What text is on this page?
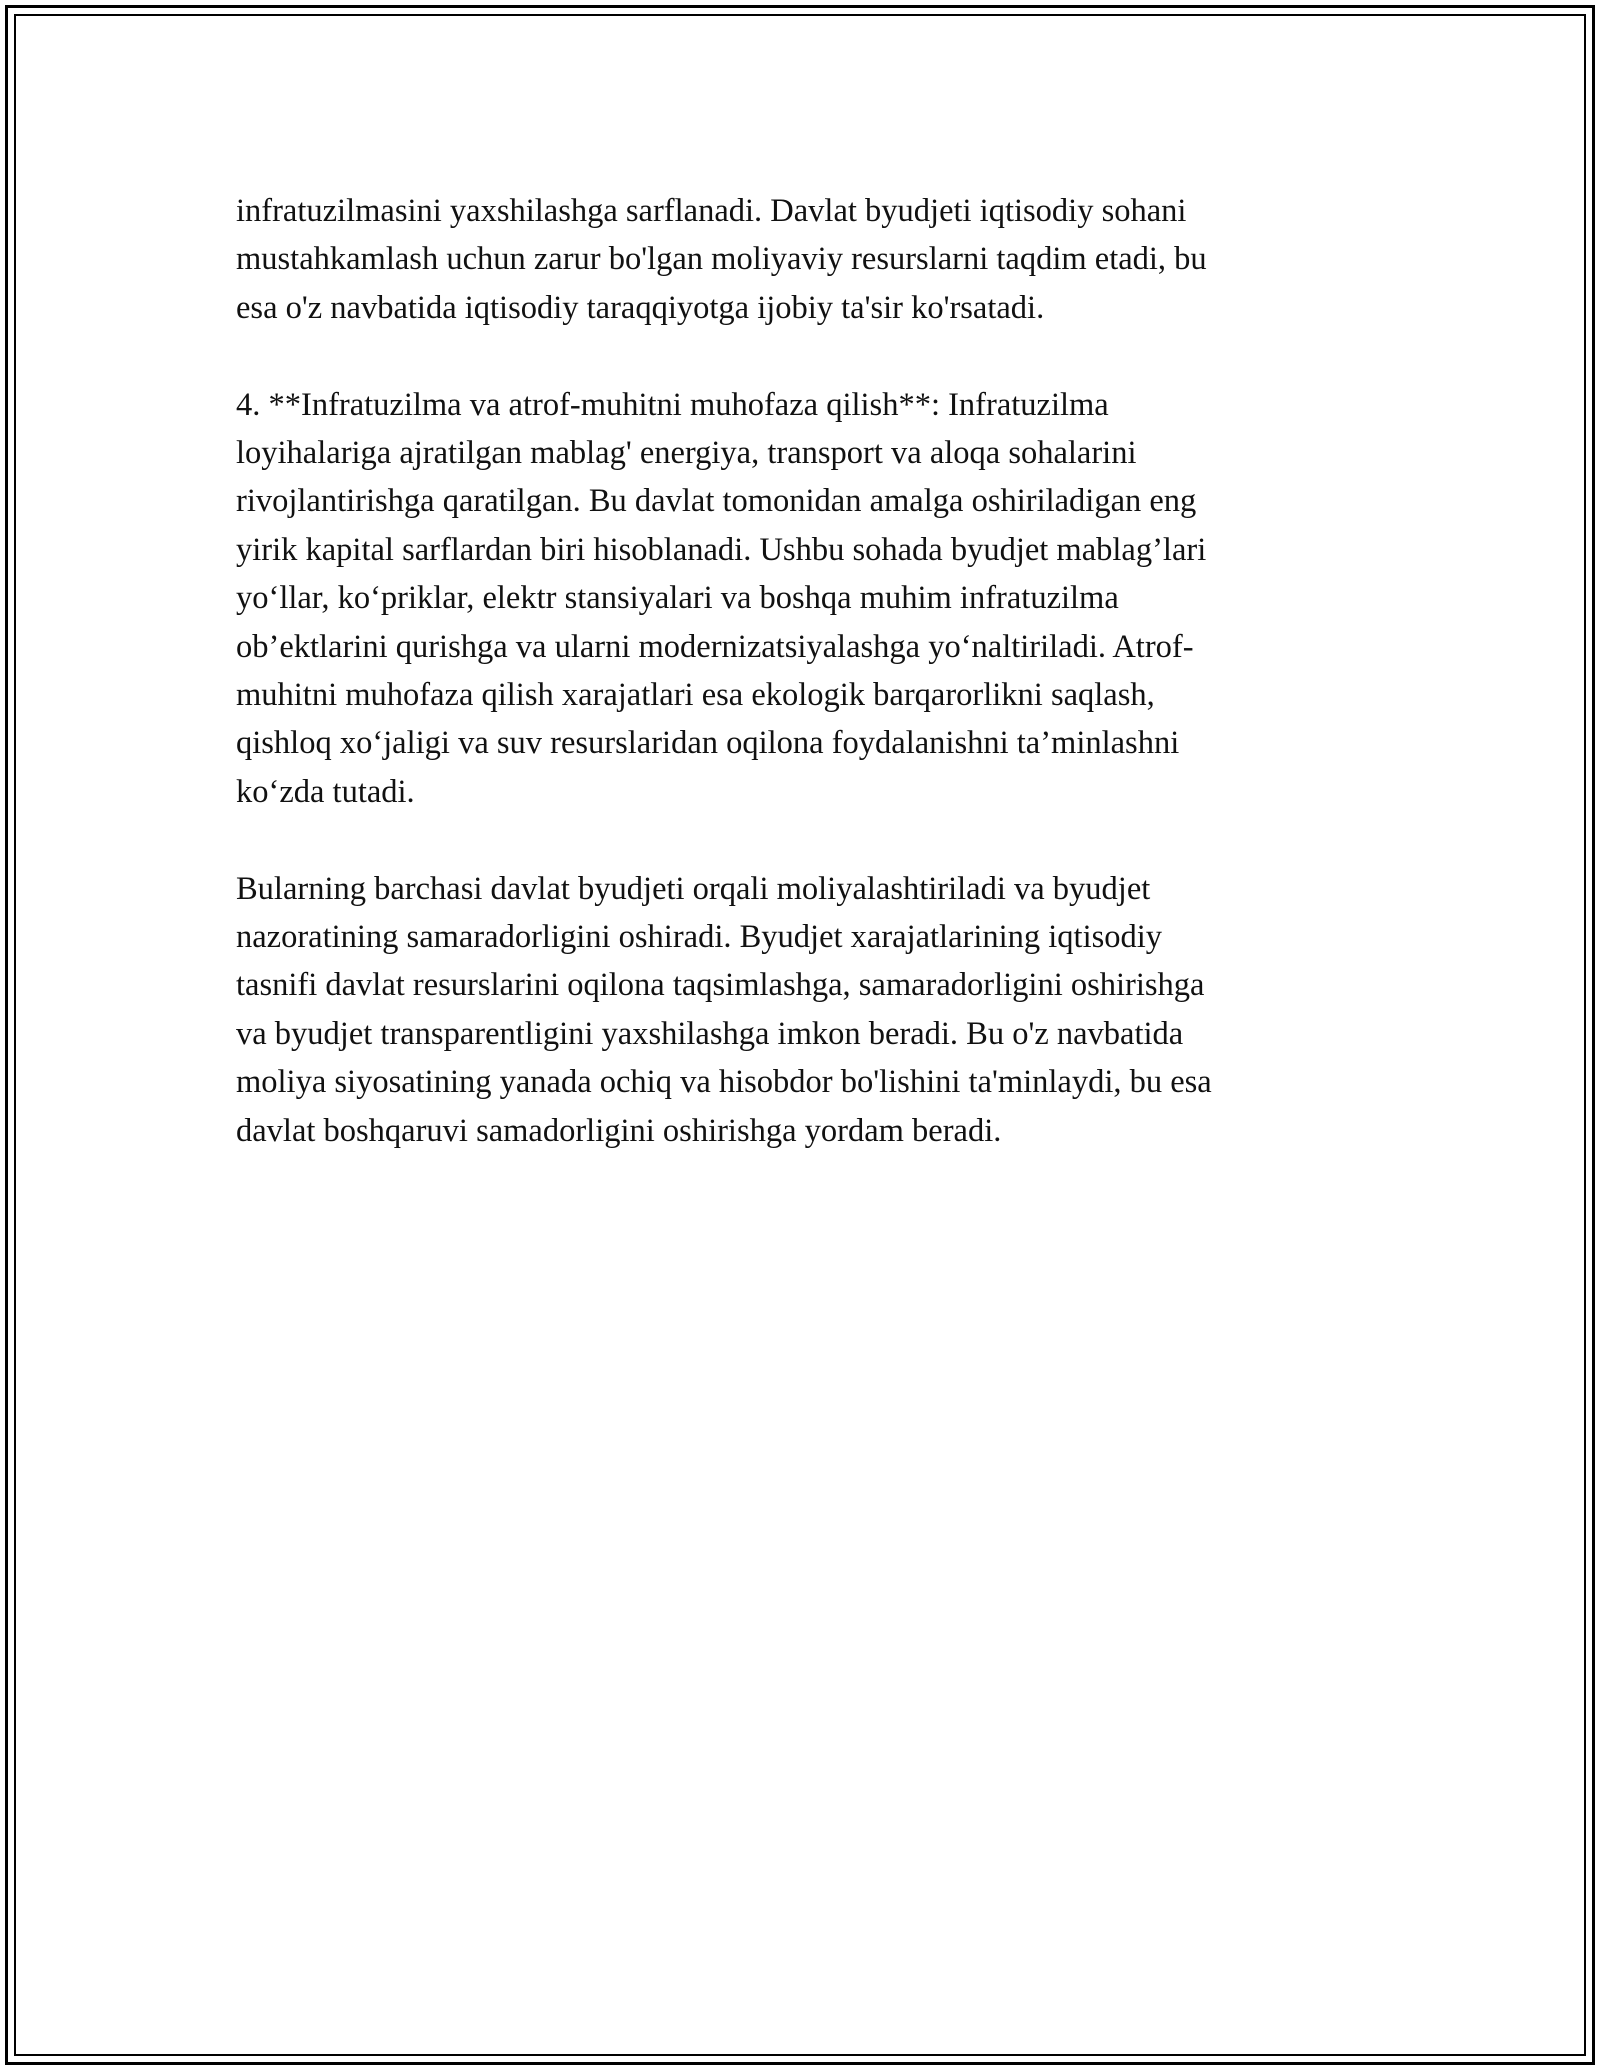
infratuzilmasini yaxshilashga sarflanadi. Davlat byudjeti iqtisodiy sohani
mustahkamlash uchun zarur bo'lgan moliyaviy resurslarni taqdim etadi, bu
esa o'z navbatida iqtisodiy taraqqiyotga ijobiy ta'sir ko'rsatadi.

4. **Infratuzilma va atrof-muhitni muhofaza qilish**: Infratuzilma
loyihalariga ajratilgan mablag' energiya, transport va aloqa sohalarini
rivojlantirishga qaratilgan. Bu davlat tomonidan amalga oshiriladigan eng
yirik kapital sarflardan biri hisoblanadi. Ushbu sohada byudjet mablag’lari
yo‘llar, ko‘priklar, elektr stansiyalari va boshqa muhim infratuzilma
ob’ektlarini qurishga va ularni modernizatsiyalashga yo‘naltiriladi. Atrof-
muhitni muhofaza qilish xarajatlari esa ekologik barqarorlikni saqlash,
qishloq xo‘jaligi va suv resurslaridan oqilona foydalanishni ta’minlashni
ko‘zda tutadi.

Bularning barchasi davlat byudjeti orqali moliyalashtiriladi va byudjet
nazoratining samaradorligini oshiradi. Byudjet xarajatlarining iqtisodiy
tasnifi davlat resurslarini oqilona taqsimlashga, samaradorligini oshirishga
va byudjet transparentligini yaxshilashga imkon beradi. Bu o'z navbatida
moliya siyosatining yanada ochiq va hisobdor bo'lishini ta'minlaydi, bu esa
davlat boshqaruvi samadorligini oshirishga yordam beradi.
